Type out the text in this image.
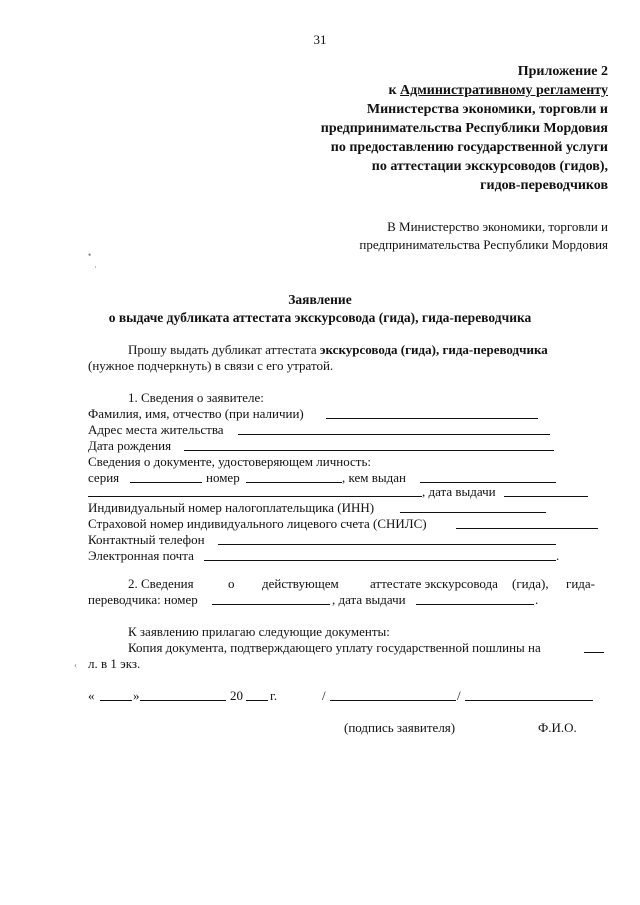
31
Приложение 2
к Административному регламенту
Министерства экономики, торговли и
предпринимательства Республики Мордовия
по предоставлению государственной услуги
по аттестации экскурсоводов (гидов),
гидов-переводчиков
В Министерство экономики, торговли и
предпринимательства Республики Мордовия
•
·
Заявление
о выдаче дубликата аттестата экскурсовода (гида), гида-переводчика
Прошу выдать дубликат аттестата экскурсовода (гида), гида-переводчика
(нужное подчеркнуть) в связи с его утратой.
1. Сведения о заявителе:
Фамилия, имя, отчество (при наличии)
Адрес места жительства
Дата рождения
Сведения о документе, удостоверяющем личность:
серия	номер	, кем выдан
, дата выдачи
Индивидуальный номер налогоплательщика (ИНН)
Страховой номер индивидуального лицевого счета (СНИЛС)
Контактный телефон
Электронная почта	.
2. Сведения	о действующем аттестате экскурсовода (гида), гида-
переводчика: номер	, дата выдачи	.
К заявлению прилагаю следующие документы:
Копия документа, подтверждающего уплату государственной пошлины на
‹ л. в 1 экз.
«	»	20 г.	/	/
(подпись заявителя)	Ф.И.О.
